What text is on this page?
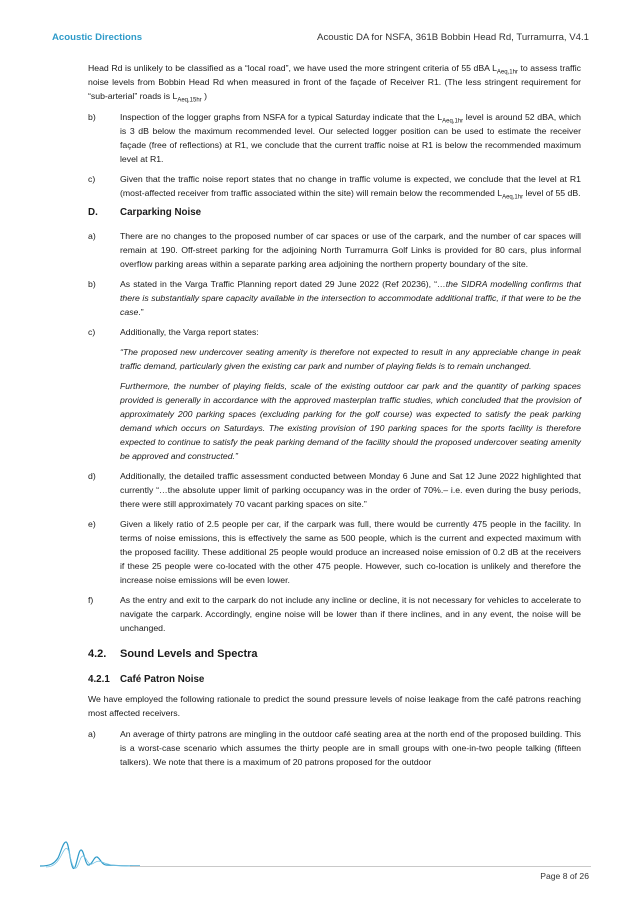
Acoustic Directions	Acoustic DA for NSFA, 361B Bobbin Head Rd, Turramurra, V4.1

Head Rd is unlikely to be classified as a “local road”, we have used the more stringent criteria of 55 dBA $L_{Aeq,1hr}$ to assess traffic noise levels from Bobbin Head Rd when measured in front of the façade of Receiver R1. (The less stringent requirement for “sub-arterial” roads is $L_{Aeq,15hr}$ )

b)	Inspection of the logger graphs from NSFA for a typical Saturday indicate that the $L_{Aeq,1hr}$ level is around 52 dBA, which is 3 dB below the maximum recommended level. Our selected logger position can be used to estimate the receiver façade (free of reflections) at R1, we conclude that the current traffic noise at R1 is below the recommended maximum level at R1.

c)	Given that the traffic noise report states that no change in traffic volume is expected, we conclude that the level at R1 (most-affected receiver from traffic associated within the site) will remain below the recommended $L_{Aeq,1hr}$ level of 55 dB.

D. Carparking Noise
a)	There are no changes to the proposed number of car spaces or use of the carpark, and the number of car spaces will remain at 190. Off-street parking for the adjoining North Turramurra Golf Links is provided for 80 cars, plus informal overflow parking areas within a separate parking area adjoining the northern property boundary of the site.

b)	As stated in the Varga Traffic Planning report dated 29 June 2022 (Ref 20236), “…the SIDRA modelling confirms that there is substantially spare capacity available in the intersection to accommodate additional traffic, if that were to be the case.”

c)	Additionally, the Varga report states:

“The proposed new undercover seating amenity is therefore not expected to result in any appreciable change in peak traffic demand, particularly given the existing car park and number of playing fields is to remain unchanged.

Furthermore, the number of playing fields, scale of the existing outdoor car park and the quantity of parking spaces provided is generally in accordance with the approved masterplan traffic studies, which concluded that the provision of approximately 200 parking spaces (excluding parking for the golf course) was expected to satisfy the peak parking demand which occurs on Saturdays. The existing provision of 190 parking spaces for the sports facility is therefore expected to continue to satisfy the peak parking demand of the facility should the proposed undercover seating amenity be approved and constructed.”

d)	Additionally, the detailed traffic assessment conducted between Monday 6 June and Sat 12 June 2022 highlighted that currently “…the absolute upper limit of parking occupancy was in the order of 70%.– i.e. even during the busy periods, there were still approximately 70 vacant parking spaces on site.”

e)	Given a likely ratio of 2.5 people per car, if the carpark was full, there would be currently 475 people in the facility. In terms of noise emissions, this is effectively the same as 500 people, which is the current and expected maximum with the proposed facility. These additional 25 people would produce an increased noise emission of 0.2 dB at the receivers if these 25 people were co-located with the other 475 people. However, such co-location is unlikely and therefore the increase noise emissions will be even lower.

f)	As the entry and exit to the carpark do not include any incline or decline, it is not necessary for vehicles to accelerate to navigate the carpark. Accordingly, engine noise will be lower than if there inclines, and in any event, the noise will be unchanged.

4.2. Sound Levels and Spectra
4.2.1 Café Patron Noise

We have employed the following rationale to predict the sound pressure levels of noise leakage from the café patrons reaching most affected receivers.

a)	An average of thirty patrons are mingling in the outdoor café seating area at the north end of the proposed building. This is a worst-case scenario which assumes the thirty people are in small groups with one-in-two people talking (fifteen talkers). We note that there is a maximum of 20 patrons proposed for the outdoor

Page 8 of 26
